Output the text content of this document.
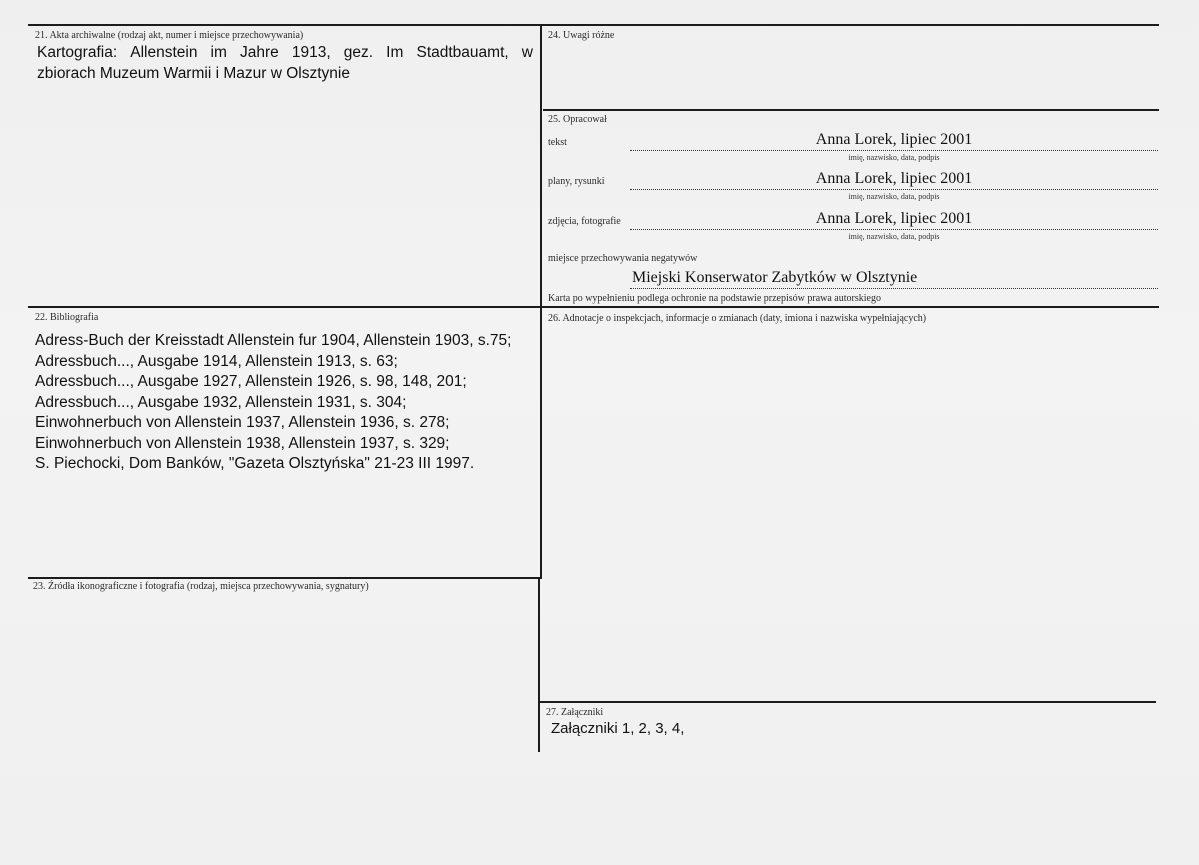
21. Akta archiwalne (rodzaj akt, numer i miejsce przechowywania)
Kartografia: Allenstein im Jahre 1913, gez. Im Stadtbauamt, w
zbiorach Muzeum Warmii i Mazur w Olsztynie
24. Uwagi różne
25. Opracował
tekst	Anna Lorek, lipiec 2001
imię, nazwisko, data, podpis
plany, rysunki	Anna Lorek, lipiec 2001
imię, nazwisko, data, podpis
zdjęcia, fotografie	Anna Lorek, lipiec 2001
imię, nazwisko, data, podpis
miejsce przechowywania negatywów
Miejski Konserwator Zabytków w Olsztynie
Karta po wypełnieniu podlega ochronie na podstawie przepisów prawa autorskiego
22. Bibliografia
Adress-Buch der Kreisstadt Allenstein fur 1904, Allenstein 1903, s.75;
Adressbuch..., Ausgabe 1914, Allenstein 1913, s. 63;
Adressbuch..., Ausgabe 1927, Allenstein 1926, s. 98, 148, 201;
Adressbuch..., Ausgabe 1932, Allenstein 1931, s. 304;
Einwohnerbuch von Allenstein 1937, Allenstein 1936, s. 278;
Einwohnerbuch von Allenstein 1938, Allenstein 1937, s. 329;
S. Piechocki, Dom Banków, "Gazeta Olsztyńska" 21-23 III 1997.
26. Adnotacje o inspekcjach, informacje o zmianach (daty, imiona i nazwiska wypełniających)
23. Źródła ikonograficzne i fotografia (rodzaj, miejsca przechowywania, sygnatury)
27. Załączniki
Załączniki 1, 2, 3, 4,
